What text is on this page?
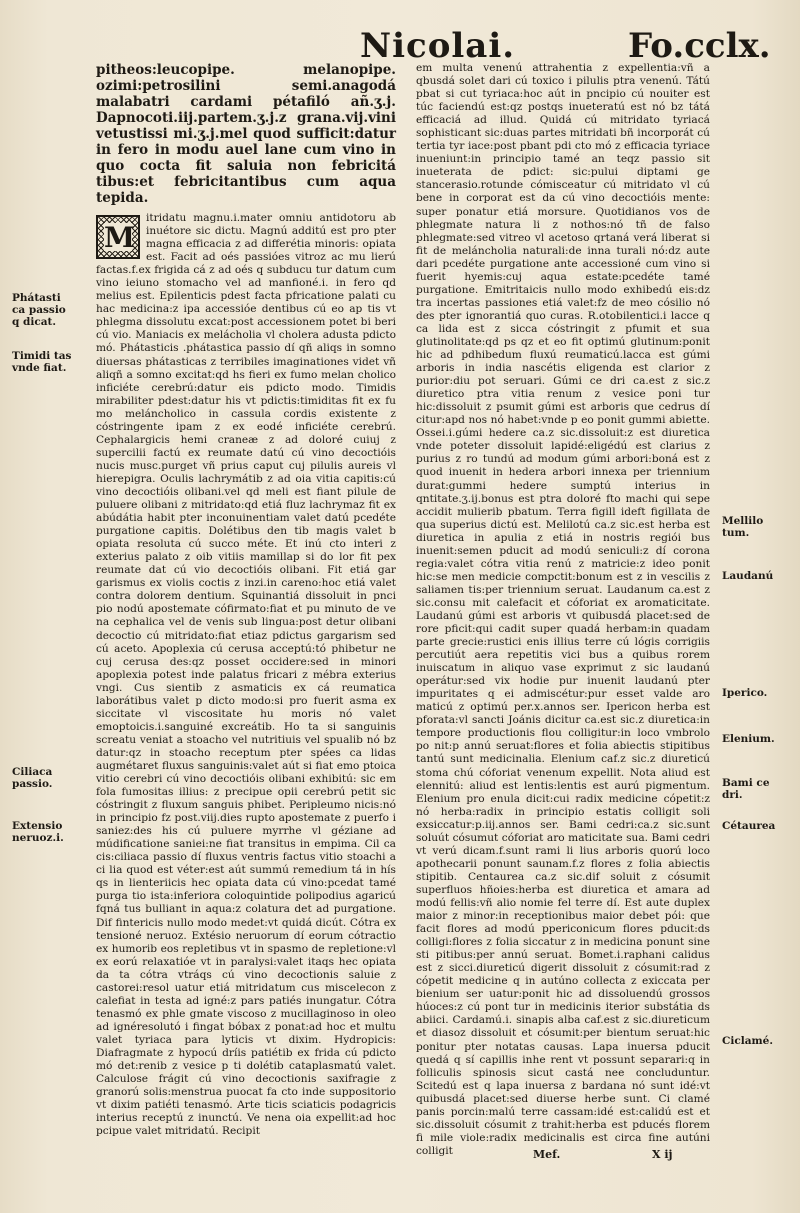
Nicolai.	Fo.cclx.
Phátasti ca passio q dicat.
Timidi tas vnde fiat.
Ciliaca passio.
Extensio neruoz.i.

pitheos:leucopipe. melanopipe. ozimi:petrosilini semi.anagodá malabatri cardami pétafiló añ.ʒ.j. Dapnocoti.iij.partem.ʒ.j.z grana.vij.vini vetustissi mi.ʒ.j.mel quod sufficit:datur in fero in modu auel lane cum vino in quo cocta fit saluia non febricitá tibus:et febricitantibus cum aqua tepida.

M

itridatu magnu.i.mater omniu antidotoru ab inuétore sic dictu. Magnú additú est pro pter magna efficacia z ad differétia minoris: opiata est. Facit ad oés passióes vitroz ac mu lierú factas.f.ex frigida cá z ad oés q subducu tur datum cum vino ieiuno stomacho vel ad manfioné.i. in fero qd melius est. Epilenticis pdest facta pfricatione palati cu hac medicina:z ipa accessióe dentibus cú eo ap tis vt phlegma dissolutu excat:post accessionem potet bi beri cú vio. Maniacis ex melácholia vl cholera adusta pdicto mó. Phátasticis .phátastica passio dí qñ aliqs in somno diuersas phátasticas z terribiles imaginationes videt vñ aliqñ a somno excitat:qd hs fieri ex fumo melan cholico inficiéte cerebrú:datur eis pdicto modo. Timidis mirabiliter pdest:datur his vt pdictis:timiditas fit ex fu mo meláncholico in cassula cordis existente z cóstringente ipam z ex eodé inficiéte cerebrú. Cephalargicis hemi craneæ z ad doloré cuiuj z supercilii factú ex reumate datú cú vino decoctióis nucis musc.purget vñ prius caput cuj pilulis aureis vl hierepigra. Oculis lachrymátib z ad oia vitia capitis:cú vino decoctióis olibani.vel qd meli est fiant pilule de puluere olibani z mitridato:qd etiá fluz lachrymaz fit ex abúdátia habit pter inconuinentiam valet datú pcedéte purgatione capitis. Dolétibus den tib magis valet b opiata resoluta cú succo méte. Et inú cto interi z exterius palato z oib vitiis mamillap si do lor fit pex reumate dat cú vio decoctióis olibani. Fit etiá gar garismus ex violis coctis z inzi.in careno:hoc etiá valet contra dolorem dentium. Squinantiá dissoluit in pnci pio nodú apostemate cófirmato:fiat et pu minuto de ve na cephalica vel de venis sub lingua:post detur olibani decoctio cú mitridato:fiat etiaz pdictus gargarism sed cú aceto. Apoplexia cú cerusa acceptú:tó phibetur ne cuj cerusa des:qz posset occidere:sed in minori apoplexia potest inde palatus fricari z mébra exterius vngi. Cus sientib z asmaticis ex cá reumatica laborátibus valet p dicto modo:si pro fuerit asma ex siccitate vl viscositate hu moris nó valet emoptoicis.i.sanguiné excreátib. Ho ta si sanguinis screatu veniat a stoacho vel nutritiuis vel spualib nó bz datur:qz in stoacho receptum pter spées ca lidas augmétaret fluxus sanguinis:valet aút si fiat emo ptoica vitio cerebri cú vino decoctióis olibani exhibitú: sic em fola fumositas illius: z precipue opii cerebrú petit sic cóstringit z fluxum sanguis phibet. Peripleumo nicis:nó in principio fz post.viij.dies rupto apostemate z puerfo i saniez:des his cú puluere myrrhe vl géziane ad múdificatione saniei:ne fiat transitus in empima. Cil ca cis:ciliaca passio dí fluxus ventris factus vitio stoachi a ci lia quod est véter:est aút summú remedium tá in hís qs in lienteriicis hec opiata data cú vino:pcedat tamé purga tio ista:inferiora coloquintide polipodius agaricú fqná tus bulliant in aqua:z colatura det ad purgatione. Dif fintericis nullo modo medet:vt quidá dicút. Cótra ex tensioné neruoz. Extésio neruorum dí eorum cótractio ex humorib eos repletibus vt in spasmo de repletione:vl ex eorú relaxatióe vt in paralysi:valet itaqs hec opiata da ta cótra vtráqs cú vino decoctionis saluie z castorei:resol uatur etiá mitridatum cus miscelecon z calefiat in testa ad igné:z pars patiés inungatur. Cótra tenasmó ex phle gmate viscoso z mucillaginoso in oleo ad ignéresolutó i fingat bóbax z ponat:ad hoc et multu valet tyriaca para lyticis vt dixim. Hydropicis: Diafragmate z hypocú dríis patiétib ex frida cú pdicto mó det:renib z vesice p ti dolétib cataplasmatú valet. Calculose frágit cú vino decoctionis saxifragie z granorú solis:menstrua puocat fa cto inde suppositorio vt dixim patiéti tenasmó. Arte ticis sciaticis podagricis interius receptú z inunctú. Ve nena oia expellit:ad hoc pcipue valet mitridatú. Recipit

em multa venenú attrahentia z expellentia:vñ a qbusdá solet dari cú toxico i pilulis ptra venenú. Tátú pbat si cut tyriaca:hoc aút in pncipio cú nouiter est túc faciendú est:qz postqs inueteratú est nó bz tátá efficaciá ad illud. Quidá cú mitridato tyriacá sophisticant sic:duas partes mitridati bñ incorporát cú tertia tyr iace:post pbant pdi cto mó z efficacia tyriace inueniunt:in principio tamé an teqz passio sit inueterata de pdict: sic:pului diptami ge stancerasio.rotunde cómisceatur cú mitridato vl cú bene in corporat est da cú vino decoctióis mente: super ponatur etiá morsure. Quotidianos vos de phlegmate natura li z nothos:nó tñ de falso phlegmate:sed vitreo vl acetoso qrtaná verá liberat si fit de meláncholia naturali:de inna turali nó:dz aute dari pcedéte purgatione ante accessioné cum vino si fuerit hyemis:cuj aqua estate:pcedéte tamé purgatione. Emitritaicis nullo modo exhibedú eis:dz tra incertas passiones etiá valet:fz de meo cósilio nó des pter ignorantiá quo curas. R.otobilentici.i lacce q ca lida est z sicca cóstringit z pfumit et sua glutinolitate:qd ps qz et eo fit optimú glutinum:ponit hic ad pdhibedum fluxú reumaticú.lacca est gúmi arboris in india nascétis eligenda est clarior z purior:diu pot seruari. Gúmi ce dri ca.est z sic.z diuretico ptra vitia renum z vesice poni tur hic:dissoluit z psumit gúmi est arboris que cedrus dí citur:apd nos nó habet:vnde p eo ponit gummi abiette. Ossei.i.gúmi hedere ca.z sic.dissoluit:z est diuretica vnde poteter dissoluit lapidé:eligédú est clarius z purius z ro tundú ad modum gúmi arbori:boná est z quod inuenit in hedera arbori innexa per triennium durat:gummi hedere sumptú interius in qntitate.ʒ.ij.bonus est ptra doloré fto machi qui sepe accidit mulierib pbatum. Terra figill ideft figillata de qua superius dictú est. Melilotú ca.z sic.est herba est diuretica in apulia z etiá in nostris regiói bus inuenit:semen pducit ad modú seniculi:z dí corona regia:valet cótra vitia renú z matricie:z ideo ponit hic:se men medicie compctit:bonum est z in vescilis z saliamen tis:per triennium seruat. Laudanum ca.est z sic.consu mit calefacit et cóforiat ex aromaticitate. Laudanú gúmi est arboris vt quibusdá placet:sed de rore pficit:qui cadit super quadá herbam:in quadam parte grecie:rustici enis illius terre cú lógis corrigiis percutiút aera repetitis vici bus a quibus rorem inuiscatum in aliquo vase exprimut z sic laudanú operátur:sed vix hodie pur inuenit laudanú pter impuritates q ei admiscétur:pur esset valde aro maticú z optimú per.x.annos ser. Ipericon herba est pforata:vl sancti Joánis dicitur ca.est sic.z diuretica:in tempore productionis flou colligitur:in loco vmbrolo po nit:p annú seruat:flores et folia abiectis stipitibus tantú sunt medicinalia. Elenium caf.z sic.z diureticú stoma chú cóforiat venenum expellit. Nota aliud est elennitú: aliud est lentis:lentis est aurú pigmentum. Elenium pro enula dicit:cui radix medicine cópetit:z nó herba:radix in principio estatis colligit soli exsiccatur:p.iij.annos ser. Bami cedri:ca.z sic.sunt soluút cósumut cóforiat aro maticitate sua. Bami cedri vt verú dicam.f.sunt rami li lius arboris quorú loco apothecarii ponunt saunam.f.z flores z folia abiectis stipitib. Centaurea ca.z sic.dif soluit z cósumit superfluos hñoies:herba est diuretica et amara ad modú fellis:vñ alio nomie fel terre dí. Est aute duplex maior z minor:in receptionibus maior debet pói: que facit flores ad modú ppericonicum flores pducit:ds colligi:flores z folia siccatur z in medicina ponunt sine sti pitibus:per annú seruat. Bomet.i.raphani calidus est z sicci.diureticú digerit dissoluit z cósumit:rad z cópetit medicine q in autúno collecta z exiccata per bienium ser uatur:ponit hic ad dissoluendú grossos húoces:z cú pont tur in medicinis iterior substátia ds abiici. Cardamú.i. sinapis alba caf.est z sic.diureticum et diasoz dissoluit et cósumit:per bientum seruat:hic ponitur pter notatas causas. Lapa inuersa pducit quedá q sí capillis inhe rent vt possunt separari:q in folliculis spinosis sicut castá nee concluduntur. Scitedú est q lapa inuersa z bardana nó sunt idé:vt quibusdá placet:sed diuerse herbe sunt. Ci clamé panis porcin:malú terre cassam:idé est:calidú est et sic.dissoluit cósumit z trahit:herba est pducés florem fi mile viole:radix medicinalis est circa fine autúni colligit

Mellilo tum.
Laudanú
Iperico.
Elenium.
Bami ce dri.
Cétaurea
Ciclamé.
Mef.	X ij
